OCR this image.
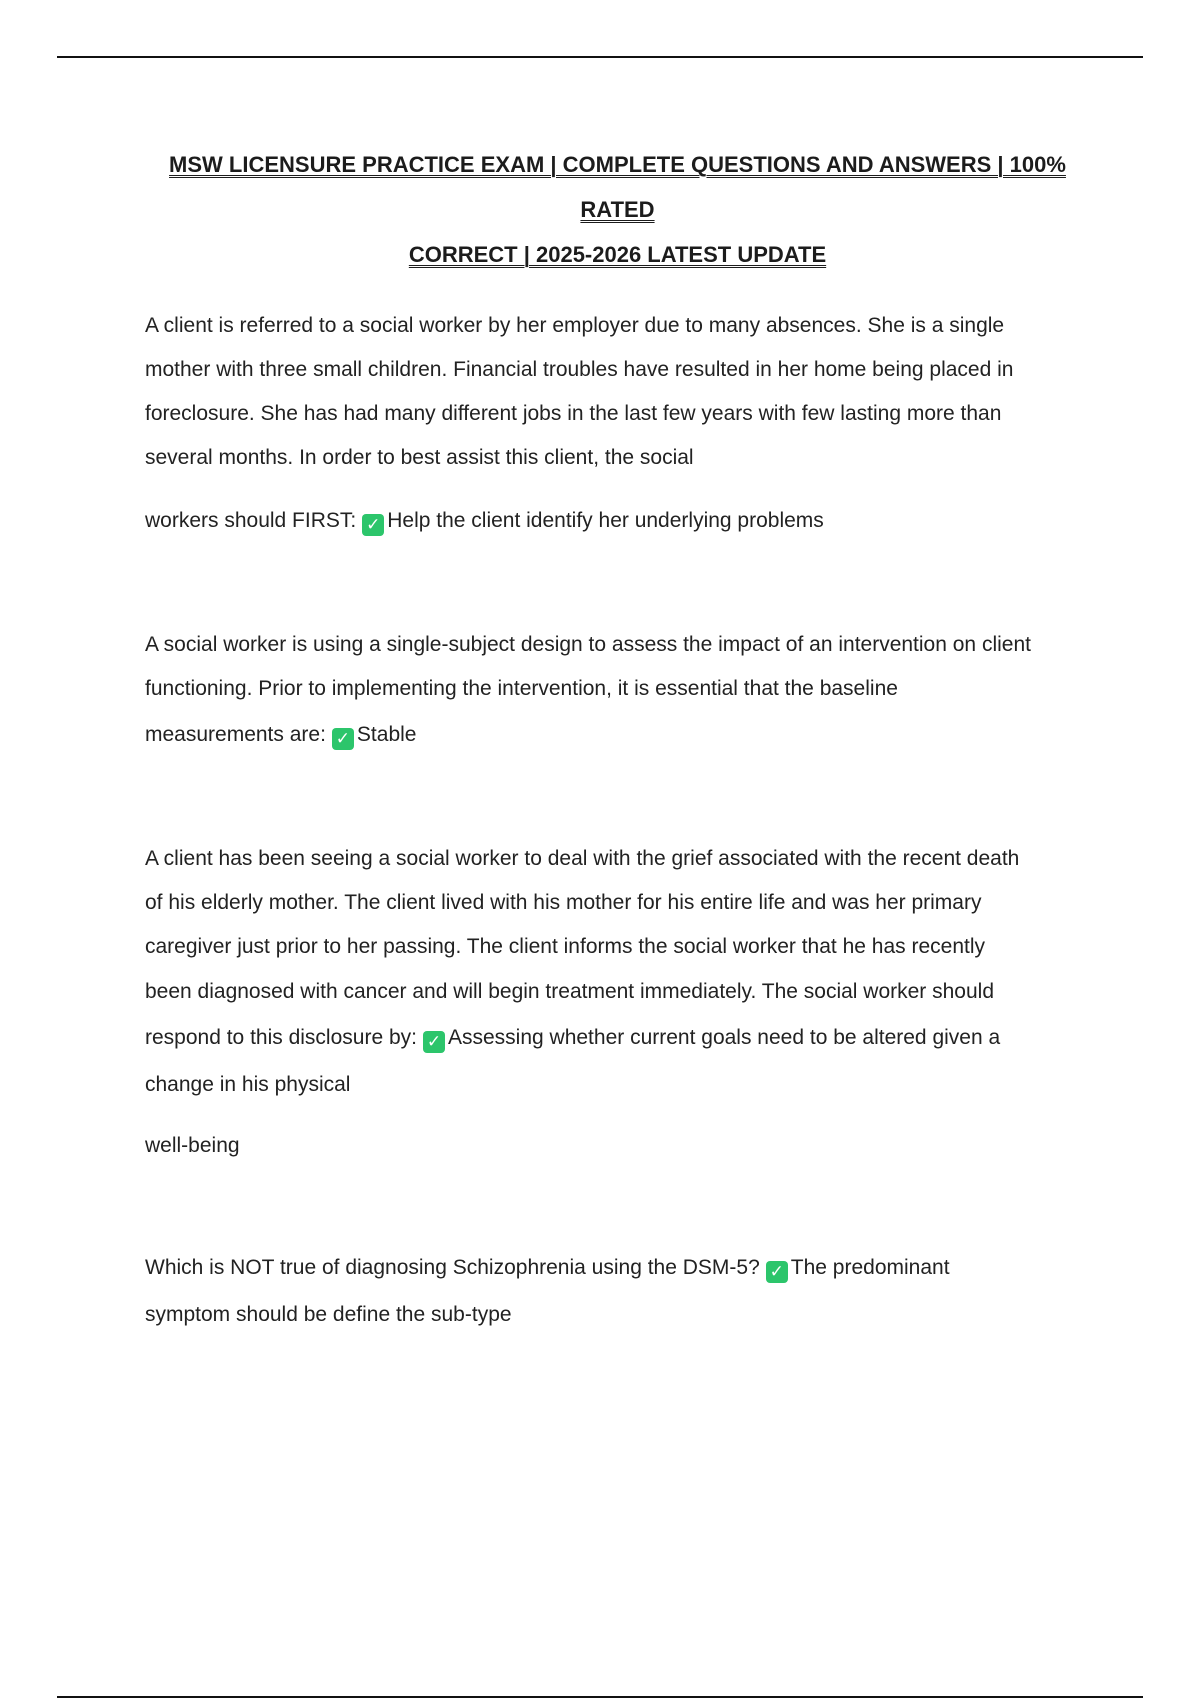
MSW LICENSURE PRACTICE EXAM | COMPLETE QUESTIONS AND ANSWERS | 100% RATED
CORRECT | 2025-2026 LATEST UPDATE
A client is referred to a social worker by her employer due to many absences. She is a single
mother with three small children. Financial troubles have resulted in her home being placed in
foreclosure. She has had many different jobs in the last few years with few lasting more than
several months. In order to best assist this client, the social
workers should FIRST: ✓ Help the client identify her underlying problems
A social worker is using a single-subject design to assess the impact of an intervention on client
functioning. Prior to implementing the intervention, it is essential that the baseline
measurements are: ✓ Stable
A client has been seeing a social worker to deal with the grief associated with the recent death
of his elderly mother. The client lived with his mother for his entire life and was her primary
caregiver just prior to her passing. The client informs the social worker that he has recently
been diagnosed with cancer and will begin treatment immediately. The social worker should
respond to this disclosure by: ✓ Assessing whether current goals need to be altered given a
change in his physical
well-being
Which is NOT true of diagnosing Schizophrenia using the DSM-5? ✓ The predominant
symptom should be define the sub-type
